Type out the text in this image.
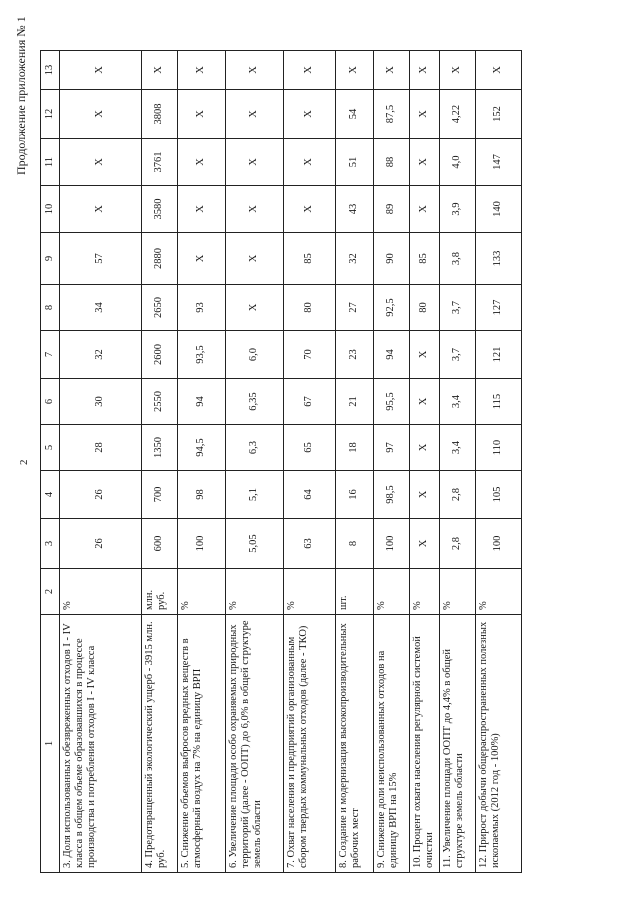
2
Продолжение приложения № 1
1	2	3	4	5	6	7	8	9	10	11	12	13
3. Доля использованных обезвреженных отходов I - IV класса в общем объеме образовавшихся в процессе производства и потребления отходов I - IV класса	%	26	26	28	30	32	34	57	X	X	X	X
4. Предотвращенный экологический ущерб - 3915 млн. руб.	млн. руб.	600	700	1350	2550	2600	2650	2880	3580	3761	3808	X
5. Снижение объемов выбросов вредных веществ в атмосферный воздух на 7% на единицу ВРП	%	100	98	94,5	94	93,5	93	X	X	X	X	X
6. Увеличение площади особо охраняемых природных территорий (далее - ООПТ) до 6,0% в общей структуре земель области	%	5,05	5,1	6,3	6,35	6,0	X	X	X	X	X	X
7. Охват населения и предприятий организованным сбором твердых коммунальных отходов (далее - ТКО)	%	63	64	65	67	70	80	85	X	X	X	X
8. Создание и модернизация высокопроизводительных рабочих мест	шт.	8	16	18	21	23	27	32	43	51	54	X
9. Снижение доли неиспользованных отходов на единицу ВРП на 15%	%	100	98,5	97	95,5	94	92,5	90	89	88	87,5	X
10. Процент охвата населения регулярной системой очистки	%	X	X	X	X	X	80	85	X	X	X	X
11. Увеличение площади ООПТ до 4,4% в общей структуре земель области	%	2,8	2,8	3,4	3,4	3,7	3,7	3,8	3,9	4,0	4,22	X
12. Прирост добычи общераспространенных полезных ископаемых (2012 год - 100%)	%	100	105	110	115	121	127	133	140	147	152	X
